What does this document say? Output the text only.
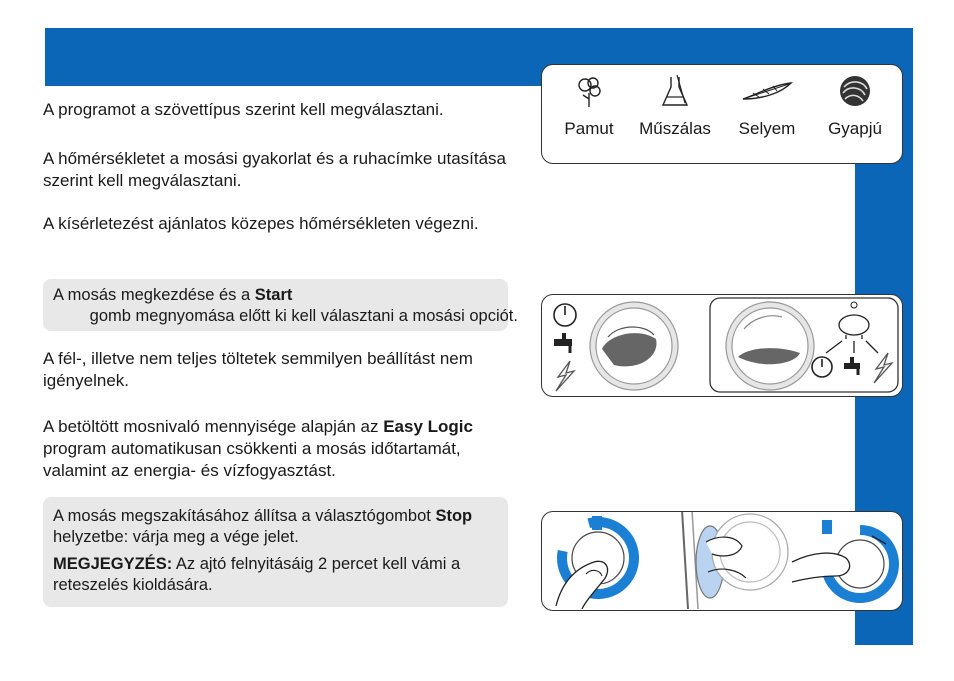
A programot a szövettípus szerint kell megválasztani.

A hőmérsékletet a mosási gyakorlat és a ruhacímke utasítása szerint kell megválasztani.

A kísérletezést ajánlatos közepes hőmérsékleten végezni.

A mosás megkezdése és a Start        gomb megnyomása előtt ki kell választani a mosási opciót.

A fél-, illetve nem teljes töltetek semmilyen beállítást nem igényelnek.

A betöltött mosnivaló mennyisége alapján az Easy Logic program automatikusan csökkenti a mosás időtartamát, valamint az energia- és vízfogyasztást.

A mosás megszakításához állítsa a választógombot Stop helyzetbe: várja meg a vége jelet.

MEGJEGYZÉS: Az ajtó felnyitásáig 2 percet kell vámi a reteszelés kioldására.

Pamut	Műszálas	Selyem	Gyapjú
